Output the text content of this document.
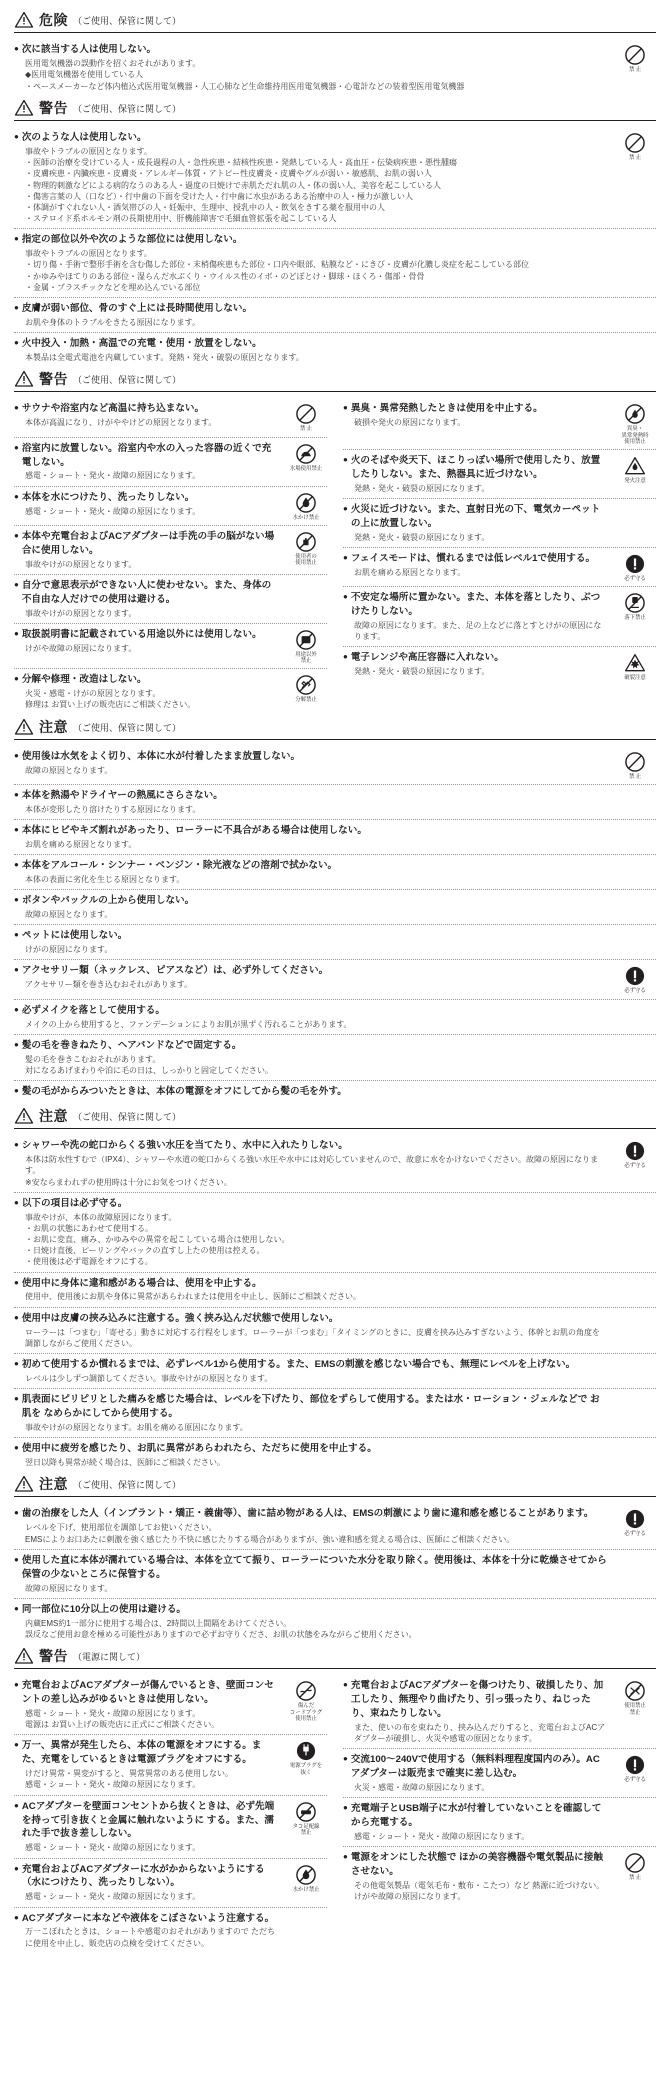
危険 （ご使用、保管に関して）
● 次に該当する人は使用しない。
医用電気機器の誤動作を招くおそれがあります。
◆医用電気機器を使用している人
・ペースメーカーなど体内植込式医用電気機器・人工心肺など生命維持用医用電気機器・心電計などの装着型医用電気機器
禁 止
警告 （ご使用、保管に関して）
● 次のような人は使用しない。
事故やトラブルの原因となります。
・医師の治療を受けている人・成長過程の人・急性疾患・結核性疾患・発熱している人・高血圧・伝染病疾患・悪性腫瘍
・皮膚疾患・内臓疾患・皮膚炎・アレルギー体質・アトピー性皮膚炎・皮膚やグルが弱い・敏感肌、お肌の弱い人
・物理的刺激などによる病的なうのある人・過度の日焼けで赤肌ただれ肌の人・体の弱い人、美容を起こしている人
・傷害言葉の人（口など）・行中歯の下面を受けた人・行中歯に水虫があるある治療中の人・極力が激しい人
・体調がすぐれない人・酒気帯びの人・妊娠中、生理中、授乳中の人・飲気をきする薬を服用中の人
・ステロイド系ホルモン剤の長期使用中、肝機能障害で毛細血管拡張を起こしている人
禁 止
● 指定の部位以外や次のような部位には使用しない。
事故やトラブルの原因となります。
・切り傷・手術で整形手術を含む傷した部位・末梢傷疾患もた部位・口内や眼部、粘膜など・にきび・皮膚が化膿し炎症を起こしている部位
・かゆみやほてりのある部位・湿らんだ水ぶくり・ウイルス性のイボ・のどぼとけ・脚球・ほくろ・傷部・骨骨
・金属・プラスチックなどを埋め込んでいる部位
● 皮膚が弱い部位、骨のすぐ上には長時間使用しない。
お肌や身体のトラブルをきたる原因になります。
● 火中投入・加熱・高温での充電・使用・放置をしない。
本製品は全電式電池を内蔵しています。発熱・発火・破裂の原因となります。
警告 （ご使用、保管に関して）
● サウナや浴室内など高温に持ち込まない。
本体が高温になり、けがややけどの原因となります。
禁 止
● 浴室内に放置しない。浴室内や水の入った容器の近くで充電しない。
感電・ショート・発火・故障の原因になります。
水場使用禁止
● 本体を水につけたり、洗ったりしない。
感電・ショート・発火・故障の原因になります。
水かけ禁止
● 本体や充電台およびACアダプターは手洗の手の脳がない場合に使用しない。
事故やけがの原因となります。
使用者の
使用禁止
● 自分で意思表示ができない人に使わせない。また、身体の不自由な人だけでの使用は避ける。
事故やけがの原因となります。
● 取扱説明書に記載されている用途以外には使用しない。
けがや故障の原因になります。
用途以外
禁止
● 分解や修理・改造はしない。
火災・感電・けがの原因となります。
修理は お買い上げの販売店にご相談ください。
分解禁止
● 異臭・異常発熱したときは使用を中止する。
破損や発火の原因になります。
異臭・
異常発熱時
使用禁止
● 火のそばや炎天下、ほこりっぽい場所で使用したり、放置したりしない。また、熱器具に近づけない。
発熱・発火・破裂の原因になります。
発火注意
● 火災に近づけない。また、直射日光の下、電気カーペットの上に放置しない。
発熱・発火・破裂の原因になります。
● フェイスモードは、慣れるまでは低レベル1で使用する。
お肌を痛める原因となります。
必ず守る
● 不安定な場所に置かない。また、本体を落としたり、ぶつけたりしない。
故障の原因になります。また、足の上などに落とすとけがの原因になります。
落下禁止
● 電子レンジや高圧容器に入れない。
発熱・発火・破裂の原因になります。
破裂注意
注意 （ご使用、保管に関して）
● 使用後は水気をよく切り、本体に水が付着したまま放置しない。
故障の原因となります。
禁 止
● 本体を熱湯やドライヤーの熱風にさらさない。
本体が変形したり溶けたりする原因になります。
● 本体にヒビやキズ割れがあったり、ローラーに不具合がある場合は使用しない。
お肌を痛める原因となります。
● 本体をアルコール・シンナー・ベンジン・除光液などの溶剤で拭かない。
本体の表面に劣化を生じる原因となります。
● ボタンやバックルの上から使用しない。
故障の原因となります。
● ペットには使用しない。
けがの原因になります。
● アクセサリー類（ネックレス、ピアスなど）は、必ず外してください。
アクセサリー類を巻き込むおそれがあります。
必ず守る
● 必ずメイクを落として使用する。
メイクの上から使用すると、ファンデーションによりお肌が黒ずく汚れることがあります。
● 髪の毛を巻きねたり、ヘアバンドなどで固定する。
髪の毛を巻きこむおそれがあります。
対になるあげまわりや泊に毛の日は、しっかりと固定してください。
● 髪の毛がからみついたときは、本体の電源をオフにしてから髪の毛を外す。
注意 （ご使用、保管に関して）
● シャワーや洗の蛇口からくる強い水圧を当てたり、水中に入れたりしない。
本体は防水性すむで（IPX4）、シャワーや水道の蛇口からくる強い水圧や水中には対応していませんので、故意に水をかけないでください。故障の原因になります。
※安ならまわれずの使用時は十分にお気をつけください。
必ず守る
● 以下の項目は必ず守る。
事故やけが、本体の故障原因になります。
・お肌の状態にあわせて使用する。
・お肌に変直、痛み、かゆみやの異常を起こしている場合は使用しない。
・日焼け直後、ピーリングやバックの直すし上たの使用は控える。
・使用後は必ず電源をオフにする。
● 使用中に身体に違和感がある場合は、使用を中止する。
使用中、使用後にお肌や身体に異常があらわれまたは使用を中止し、医師にご相談ください。
● 使用中は皮膚の挟み込みに注意する。強く挟み込んだ状態で使用しない。
ローラーは「つまむ」「寄せる」動きに対応する行程をします。ローラーが「つまむ」「タイミングのときに、皮膚を挟み込みすぎないよう、体幹とお肌の角度を調節しながらご使用ください。
● 初めて使用するか慣れるまでは、必ずレベル1から使用する。また、EMSの刺激を感じない場合でも、無理にレベルを上げない。
レベルは少しずつ調節してください。事故やけがの原因となります。
● 肌表面にピリピリとした痛みを感じた場合は、レベルを下げたり、部位をずらして使用する。または水・ローション・ジェルなどで お肌を なめらかにしてから使用する。
事故やけがの原因となります。お肌を痛める原因になります。
● 使用中に疲労を感じたり、お肌に異常があらわれたら、ただちに使用を中止する。
翌日以降も異常が続く場合は、医師にご相談ください。
注意 （ご使用、保管に関して）
● 歯の治療をした人（インプラント・矯正・義歯等）、歯に詰め物がある人は、EMSの刺激により歯に違和感を感じることがあります。
レベルを下げ、使用部位を調節してお使いください。
EMSによりお口あたに刺激を強く感じたり不快に感じたりする場合がありますが、強い違和感を覚える場合は、医師にご相談ください。
必ず守る
● 使用した直に本体が濡れている場合は、本体を立てて振り、ローラーについた水分を取り除く。使用後は、本体を十分に乾燥させてから保管の少ないところに保管する。
故障の原因になります。
● 同一部位に10分以上の使用は避ける。
内蔵EMS約1一部分に使用する場合は、2時間以上間隔をあけてください。
誤反なご使用お意を極める可能性がありますので必ずお守りくださ、お肌の状態をみながらご使用ください。
警告 （電源に関して）
● 充電台およびACアダプターが傷んでいるとき、壁面コンセントの差し込みがゆるいときは使用しない。
感電・ショート・発火・故障の原因になります。
電源は お買い上げの販売店に正式にご相談ください。
傷んだ
コードプラグ
使用禁止
● 万一、異常が発生したら、本体の電源をオフにする。また、充電をしているときは電源プラグをオフにする。
けだけ異常・異変がすると、異常異常のある使用しない。
感電・ショート・発火・故障の原因になります。
電源プラグを
抜く
● ACアダプターを壁面コンセントから抜くときは、必ず先端を持って引き抜くと金属に触れないように する。また、濡れた手で抜き差ししない。
感電・ショート・発火・故障の原因になります。
タコ足配線
禁止
● 充電台およびACアダプターに水がかからないようにする（水につけたり、洗ったりしない）。
感電・ショート・発火・故障の原因になります。
水かけ禁止
● ACアダプターに本などや液体をこぼさないよう注意する。
万一こぼれたときは、ショートや感電のおそれがありますので ただちに使用を中止し、販売店の点検を受けてください。
● 充電台およびACアダプターを傷つけたり、破損したり、加工したり、無理やり曲げたり、引っ張ったり、ねじったり、束ねたりしない。
また、使いの布を束ねたり、挟み込んだりすると、充電台およびACアダプターが破損し、火災や感電の原因となります。
使用禁止
禁止
● 交流100〜240Vで使用する（無料料理程度国内のみ）。ACアダプターは販売まで確実に差し込む。
火災・感電・故障の原因になります。
必ず守る
● 充電端子とUSB端子に水が付着していないことを確認してから充電する。
感電・ショート・発火・故障の原因になります。
● 電源をオンにした状態で ほかの美容機器や電気製品に接触させない。
その他電気製品（電気毛布・敷布・こたつ）など 熱源に近づけない。
けがや故障の原因になります。
禁 止
